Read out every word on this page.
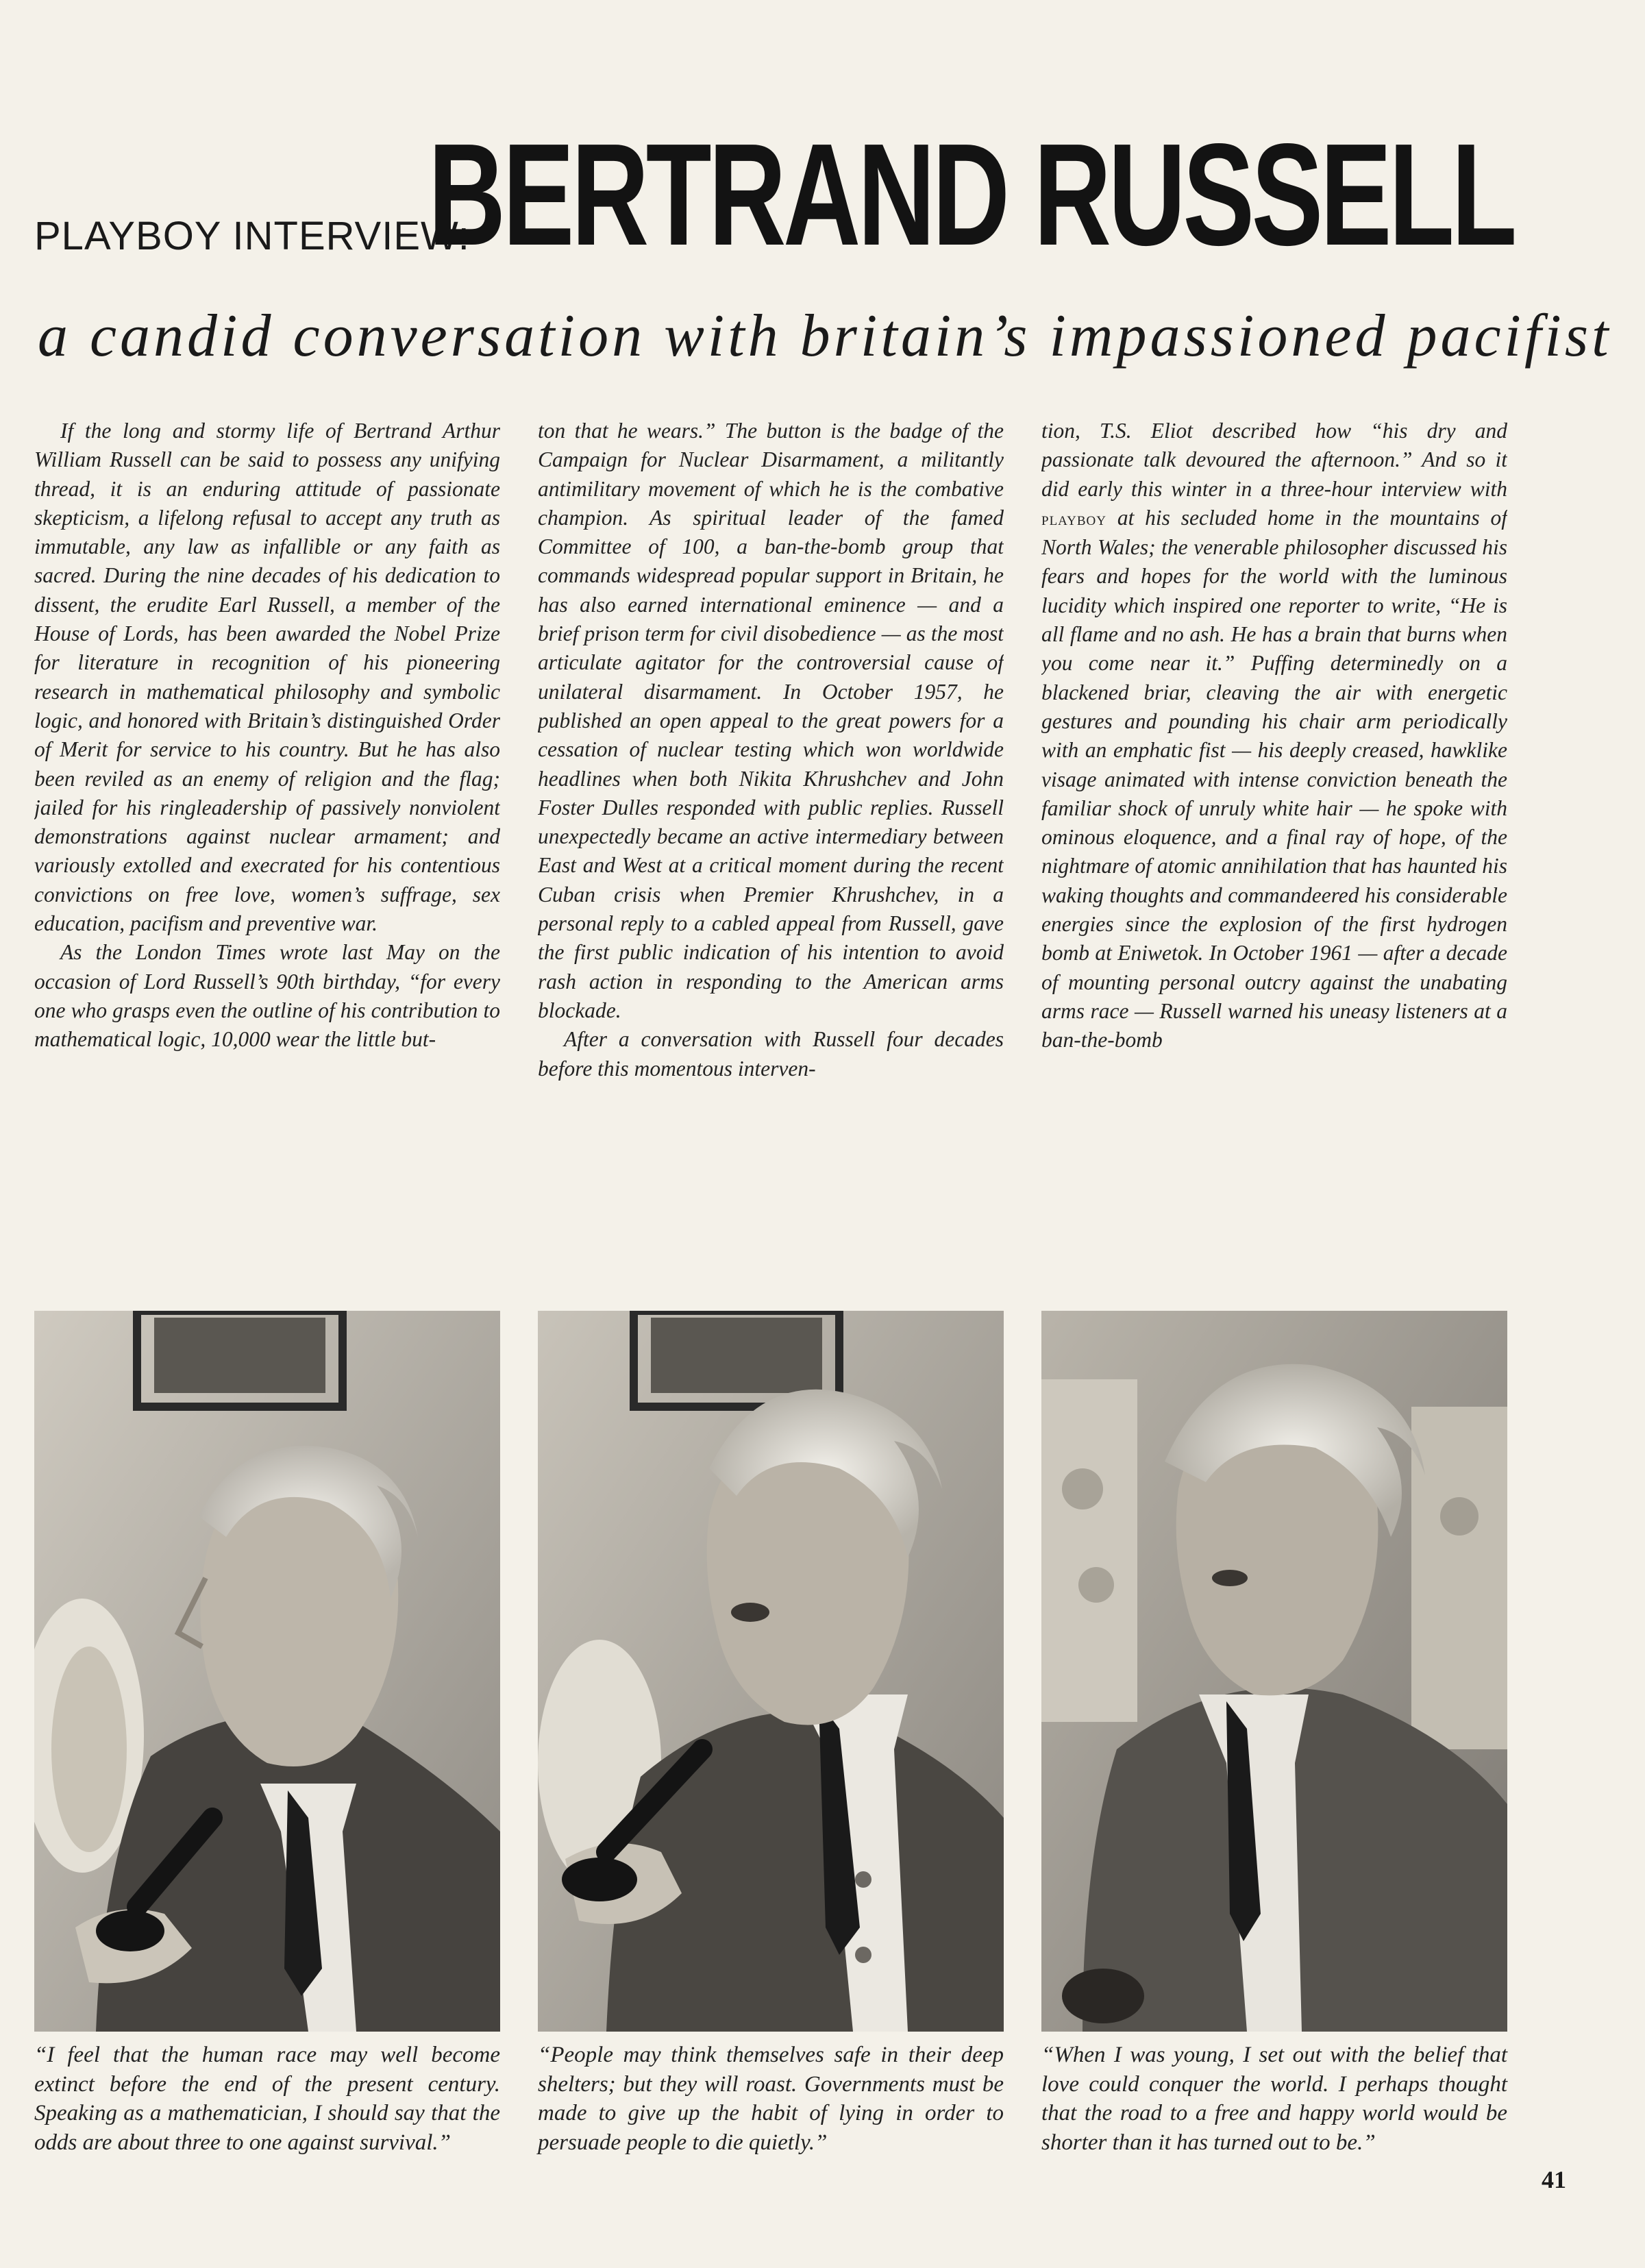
PLAYBOY INTERVIEW:
BERTRAND RUSSELL
a candid conversation with britain’s impassioned pacifist

If the long and stormy life of Bertrand Arthur William Russell can be said to possess any unifying thread, it is an enduring attitude of passionate skepticism, a lifelong refusal to accept any truth as immutable, any law as infallible or any faith as sacred. During the nine decades of his dedication to dissent, the erudite Earl Russell, a member of the House of Lords, has been awarded the Nobel Prize for literature in recognition of his pioneering research in mathematical philosophy and symbolic logic, and honored with Britain’s distinguished Order of Merit for service to his country. But he has also been reviled as an enemy of religion and the flag; jailed for his ringleadership of passively nonviolent demonstrations against nuclear armament; and variously extolled and execrated for his contentious convictions on free love, women’s suffrage, sex education, pacifism and preventive war.

As the London Times wrote last May on the occasion of Lord Russell’s 90th birthday, “for every one who grasps even the outline of his contribution to mathematical logic, 10,000 wear the little but-

ton that he wears.” The button is the badge of the Campaign for Nuclear Disarmament, a militantly antimilitary movement of which he is the combative champion. As spiritual leader of the famed Committee of 100, a ban-the-bomb group that commands widespread popular support in Britain, he has also earned international eminence — and a brief prison term for civil disobedience — as the most articulate agitator for the controversial cause of unilateral disarmament. In October 1957, he published an open appeal to the great powers for a cessation of nuclear testing which won worldwide headlines when both Nikita Khrushchev and John Foster Dulles responded with public replies. Russell unexpectedly became an active intermediary between East and West at a critical moment during the recent Cuban crisis when Premier Khrushchev, in a personal reply to a cabled appeal from Russell, gave the first public indication of his intention to avoid rash action in responding to the American arms blockade.

After a conversation with Russell four decades before this momentous interven-

tion, T.S. Eliot described how “his dry and passionate talk devoured the afternoon.” And so it did early this winter in a three-hour interview with playboy at his secluded home in the mountains of North Wales; the venerable philosopher discussed his fears and hopes for the world with the luminous lucidity which inspired one reporter to write, “He is all flame and no ash. He has a brain that burns when you come near it.” Puffing determinedly on a blackened briar, cleaving the air with energetic gestures and pounding his chair arm periodically with an emphatic fist — his deeply creased, hawklike visage animated with intense conviction beneath the familiar shock of unruly white hair — he spoke with ominous eloquence, and a final ray of hope, of the nightmare of atomic annihilation that has haunted his waking thoughts and commandeered his considerable energies since the explosion of the first hydrogen bomb at Eniwetok. In October 1961 — after a decade of mounting personal outcry against the unabating arms race — Russell warned his uneasy listeners at a ban-the-bomb

“I feel that the human race may well become extinct before the end of the present century. Speaking as a mathematician, I should say that the odds are about three to one against survival.”
“People may think themselves safe in their deep shelters; but they will roast. Governments must be made to give up the habit of lying in order to persuade people to die quietly.”
“When I was young, I set out with the belief that love could conquer the world. I perhaps thought that the road to a free and happy world would be shorter than it has turned out to be.”
41
